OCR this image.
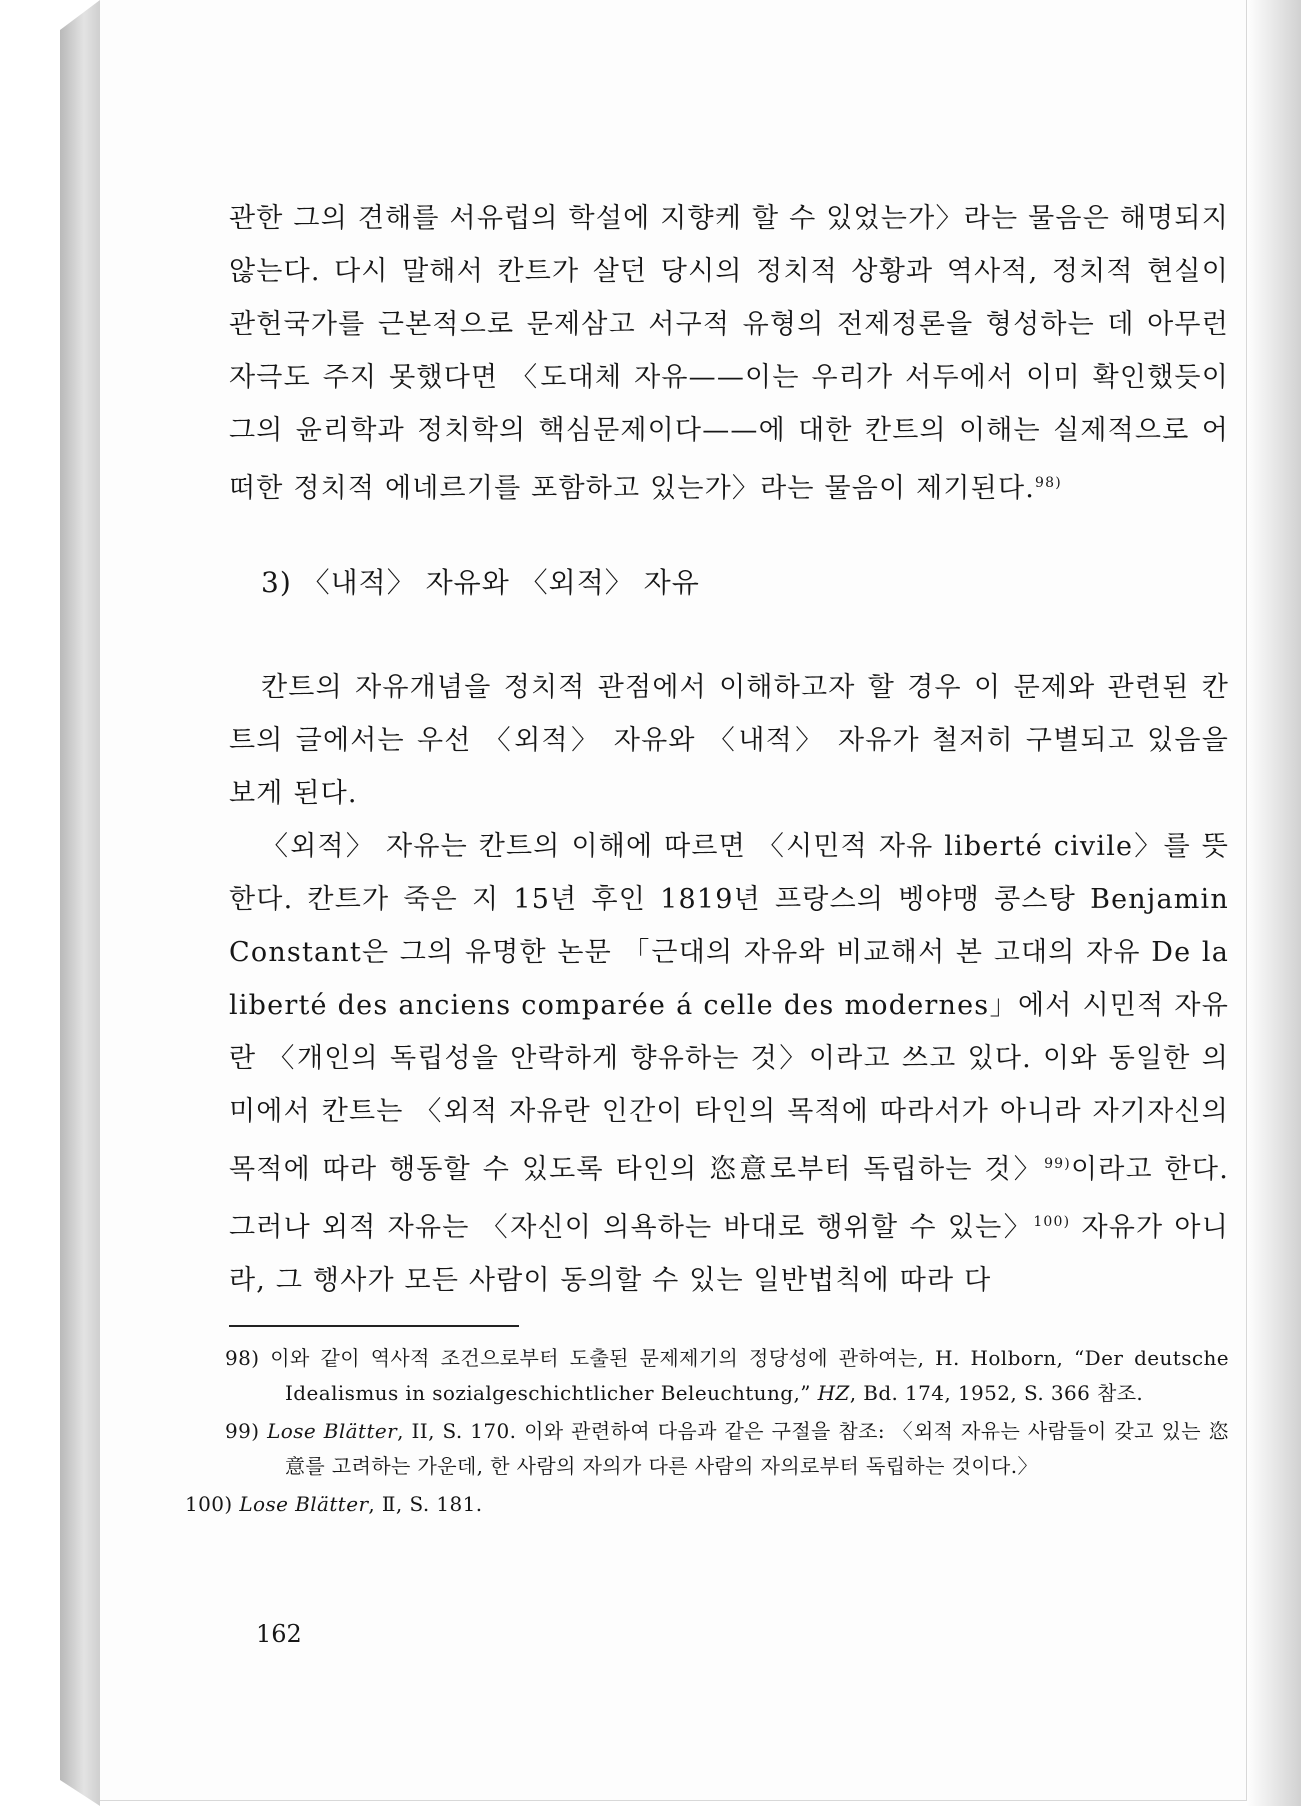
관한 그의 견해를 서유럽의 학설에 지향케 할 수 있었는가〉라는 물음은 해명되지 않는다. 다시 말해서 칸트가 살던 당시의 정치적 상황과 역사적, 정치적 현실이 관헌국가를 근본적으로 문제삼고 서구적 유형의 전제정론을 형성하는 데 아무런 자극도 주지 못했다면 〈도대체 자유——이는 우리가 서두에서 이미 확인했듯이 그의 윤리학과 정치학의 핵심문제이다——에 대한 칸트의 이해는 실제적으로 어떠한 정치적 에네르기를 포함하고 있는가〉라는 물음이 제기된다.$^{98)}$

3) 〈내적〉 자유와 〈외적〉 자유

칸트의 자유개념을 정치적 관점에서 이해하고자 할 경우 이 문제와 관련된 칸트의 글에서는 우선 〈외적〉 자유와 〈내적〉 자유가 철저히 구별되고 있음을 보게 된다.

〈외적〉 자유는 칸트의 이해에 따르면 〈시민적 자유 liberté civile〉를 뜻한다. 칸트가 죽은 지 15년 후인 1819년 프랑스의 벵야맹 콩스탕 Benjamin Constant은 그의 유명한 논문 「근대의 자유와 비교해서 본 고대의 자유 De la liberté des anciens comparée á celle des modernes」에서 시민적 자유란 〈개인의 독립성을 안락하게 향유하는 것〉이라고 쓰고 있다. 이와 동일한 의미에서 칸트는 〈외적 자유란 인간이 타인의 목적에 따라서가 아니라 자기자신의 목적에 따라 행동할 수 있도록 타인의 恣意로부터 독립하는 것〉$^{99)}$이라고 한다. 그러나 외적 자유는 〈자신이 의욕하는 바대로 행위할 수 있는〉$^{100)}$ 자유가 아니라, 그 행사가 모든 사람이 동의할 수 있는 일반법칙에 따라 다

98) 이와 같이 역사적 조건으로부터 도출된 문제제기의 정당성에 관하여는, H. Holborn, “Der deutsche Idealismus in sozialgeschichtlicher Beleuchtung,” HZ, Bd. 174, 1952, S. 366 참조.

99) Lose Blätter, II, S. 170. 이와 관련하여 다음과 같은 구절을 참조: 〈외적 자유는 사람들이 갖고 있는 恣意를 고려하는 가운데, 한 사람의 자의가 다른 사람의 자의로부터 독립하는 것이다.〉

100) Lose Blätter, Ⅱ, S. 181.

162
